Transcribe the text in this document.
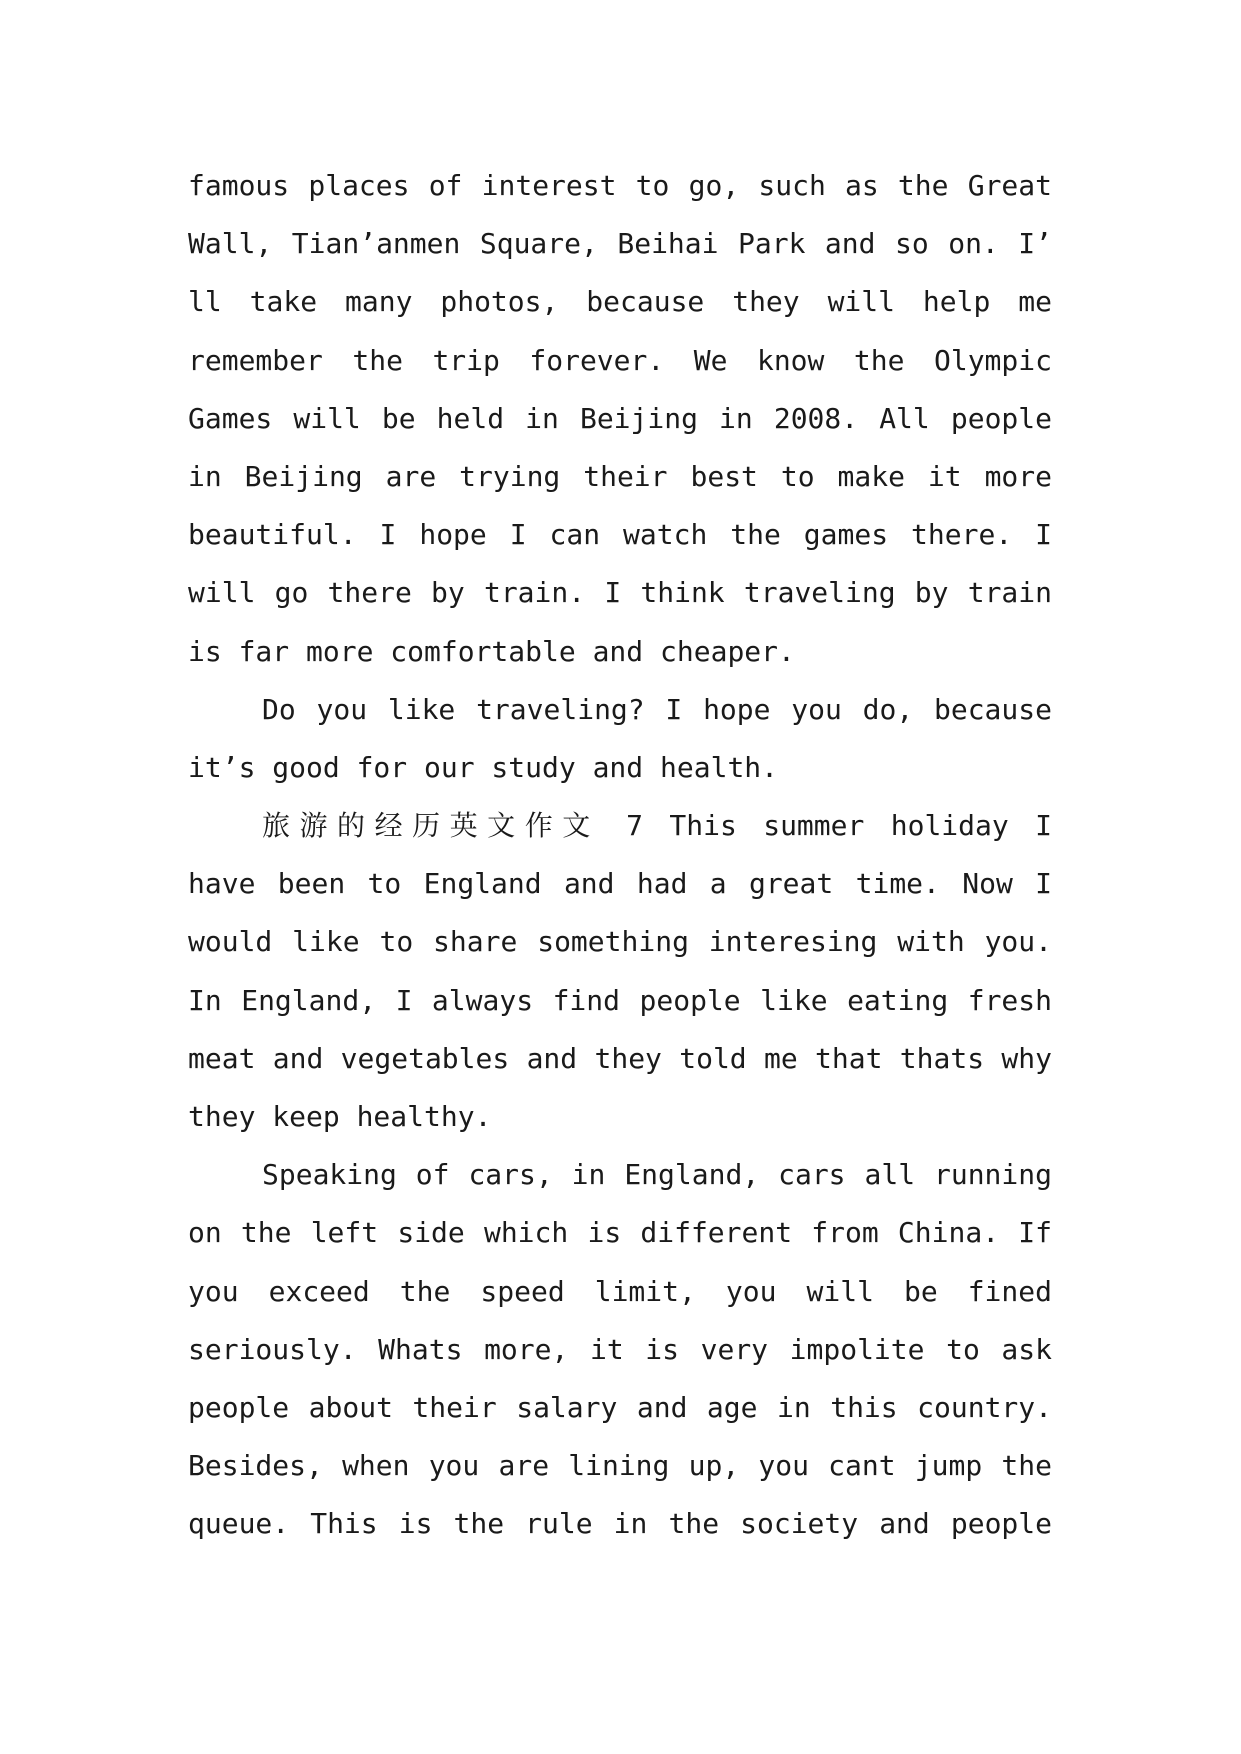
famous places of interest to go, such as the Great
Wall, Tian’anmen Square, Beihai Park and so on. I’
ll take many photos, because they will help me
remember the trip forever. We know the Olympic
Games will be held in Beijing in 2008. All people
in Beijing are trying their best to make it more
beautiful. I hope I can watch the games there. I
will go there by train. I think traveling by train
is far more comfortable and cheaper.
Do you like traveling? I hope you do, because
it’s good for our study and health.
旅游的经历英文作文 7 This summer holiday I
have been to England and had a great time. Now I
would like to share something interesing with you.
In England, I always find people like eating fresh
meat and vegetables and they told me that thats why
they keep healthy.
Speaking of cars, in England, cars all running
on the left side which is different from China. If
you exceed the speed limit, you will be fined
seriously. Whats more, it is very impolite to ask
people about their salary and age in this country.
Besides, when you are lining up, you cant jump the
queue. This is the rule in the society and people
